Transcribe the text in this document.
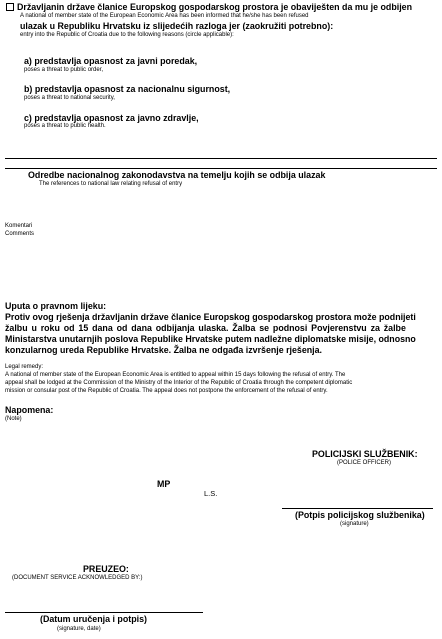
Državljanin države članice Europskog gospodarskog prostora je obaviješten da mu je odbijen
A national of member state of the European Economic Area has been informed that he/she has been refused
ulazak u Republiku Hrvatsku iz slijedećih razloga jer (zaokružiti potrebno):
entry into the Republic of Croatia due to the following reasons (circle applicable):
a) predstavlja opasnost za javni poredak,
poses a threat to public order,
b) predstavlja opasnost za nacionalnu sigurnost,
poses a threat to national security,
c) predstavlja opasnost za javno zdravlje,
poses a threat to public health.
Odredbe nacionalnog zakonodavstva na temelju kojih se odbija ulazak
The references to national law relating refusal of entry
Komentari
Comments
Uputa o pravnom lijeku:
Protiv ovog rješenja državljanin države članice Europskog gospodarskog prostora može podnijeti
žalbu u roku od 15 dana od dana odbijanja ulaska. Žalba se podnosi Povjerenstvu za žalbe
Ministarstva unutarnjih poslova Republike Hrvatske putem nadležne diplomatske misije, odnosno
konzularnog ureda Republike Hrvatske. Žalba ne odgađa izvršenje rješenja.
Legal remedy:
A national of member state of the European Economic Area is entitled to appeal within 15 days following the refusal of entry. The
appeal shall be lodged at the Commission of the Ministry of the Interior of the Republic of Croatia through the competent diplomatic
mission or consular post of the Republic of Croatia. The appeal does not postpone the enforcement of the refusal of entry.
Napomena:
(Note)
POLICIJSKI SLUŽBENIK:
(POLICE OFFICER)
MP
L.S.
(Potpis policijskog službenika)
(signature)
PREUZEO:
(DOCUMENT SERVICE ACKNOWLEDGED BY:)
(Datum uručenja i potpis)
(signature, date)
